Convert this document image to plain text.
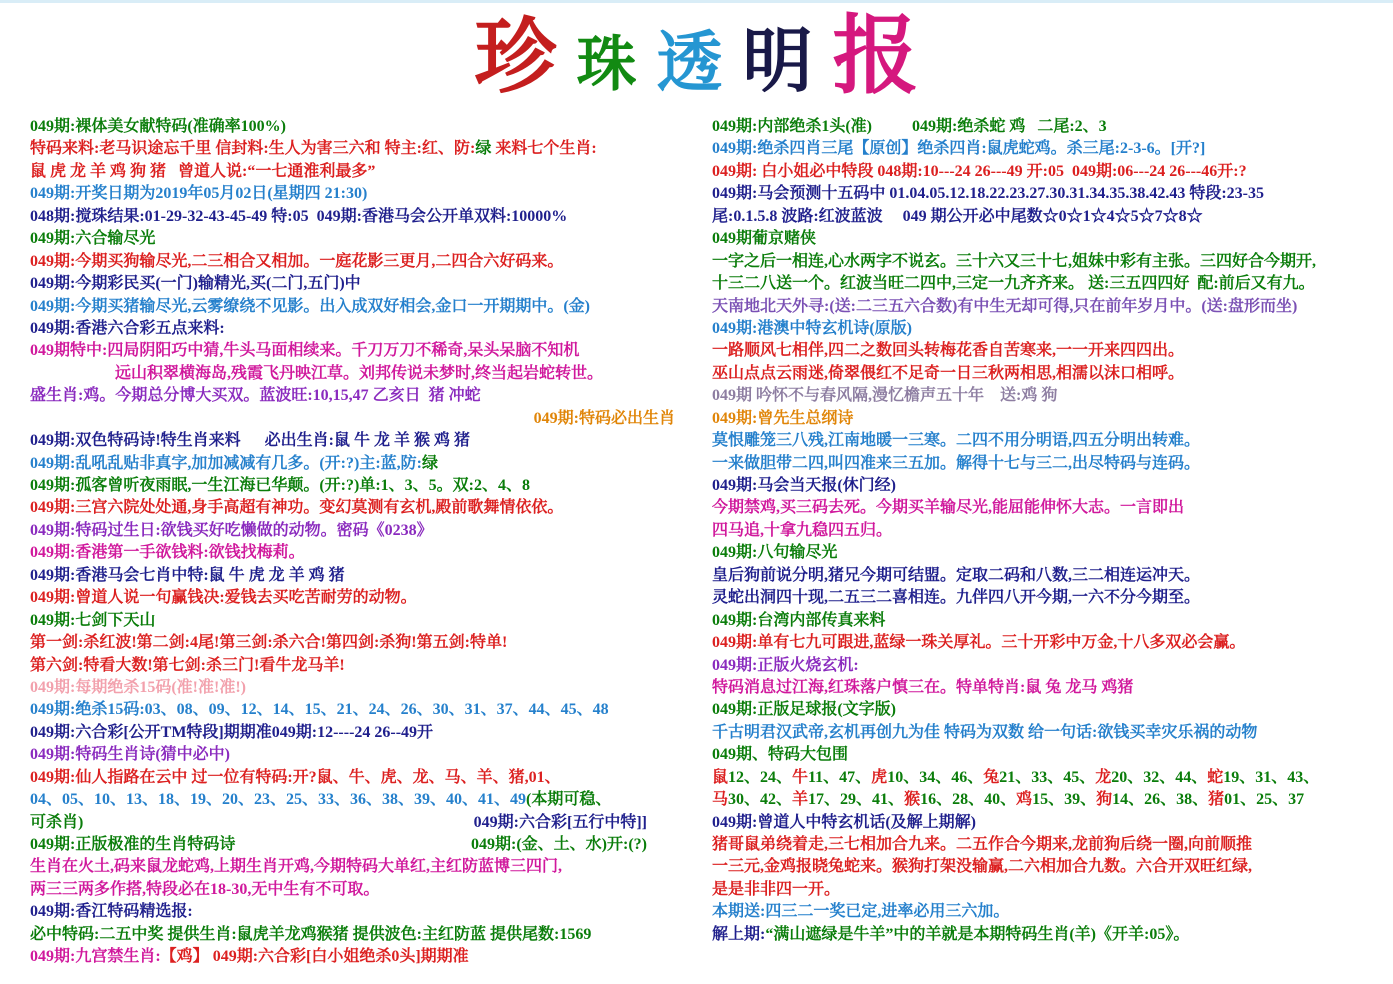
珍 珠 透 明 报
049期:裸体美女献特码(准确率100%)
特码来料:老马识途忘千里 信封料:生人为害三六和 特主:红、防: 绿 来料七个生肖:
鼠 虎 龙 羊 鸡 狗 猪   曾道人说:“一七通淮利最多”
049期:开奖日期为2019年05月02日(星期四 21:30)
048期:搅珠结果:01-29-32-43-45-49 特:05  049期:香港马会公开单双料:10000%
049期:六合输尽光
049期:今期买狗输尽光,二三相合又相加。一庭花影三更月,二四合六好码来。
049期:今期彩民买(一门)输精光,买(二门,五门)中
049期:今期买猪输尽光,云雾缭绕不见影。出入成双好相会,金口一开期期中。(金)
049期:香港六合彩五点来料:
049期特中:四局阴阳巧中猜,牛头马面相续来。千刀万刀不稀奇,呆头呆脑不知机
远山积翠横海岛,残霞飞丹映江草。刘邦传说未梦时,终当起岩蛇转世。
盛生肖:鸡。今期总分博大买双。蓝波旺:10,15,47 乙亥日  猪 冲蛇
049期:特码必出生肖
049期:双色特码诗!特生肖来料      必出生肖:鼠 牛 龙 羊 猴 鸡 猪
049期:乱吼乱贴非真字,加加减减有几多。(开:?)主:蓝,防: 绿
049期:孤客曾听夜雨眠,一生江海已华颠。(开:?)单:1、3、5。双:2、4、8
049期:三宫六院处处通,身手高超有神功。变幻莫测有玄机,殿前歌舞情依依。
049期:特码过生日:欲钱买好吃懒做的动物。密码《0238》
049期:香港第一手欲钱料:欲钱找梅莉。
049期:香港马会七肖中特:鼠 牛 虎 龙 羊 鸡 猪
049期:曾道人说一句赢钱决:爱钱去买吃苦耐劳的动物。
049期:七剑下天山
第一剑:杀红波!第二剑:4尾!第三剑:杀六合!第四剑:杀狗!第五剑:特单!
第六剑:特看大数!第七剑:杀三门!看牛龙马羊!
049期:每期绝杀15码(准!准!准!)
049期:绝杀15码:03、08、09、12、14、15、21、24、26、30、31、37、44、45、48
049期:六合彩[公开TM特段]期期准049期:12----24 26--49开
049期:特码生肖诗(猜中必中)
049期:仙人指路在云中 过一位有特码:开?鼠、牛、虎、龙、马、羊、猪,01、
04、05、10、13、18、19、20、23、25、33、36、38、39、40、41、49 (本期可稳、
可杀肖)	049期:六合彩[五行中特]]
049期:正版极准的生肖特码诗	049期:(金、土、水)开:(?)
生肖在火土,码来鼠龙蛇鸡,上期生肖开鸡,今期特码大单红,主红防蓝博三四门,
两三三两多作搭,特段必在18-30,无中生有不可取。
049期:香江特码精选报:
必中特码:二五中奖 提供生肖:鼠虎羊龙鸡猴猪 提供波色:主红防蓝 提供尾数:1569
049期:九宫禁生肖: 【鸡】 049期:六合彩[白小姐绝杀0头]期期准
049期:内部绝杀1头(准)          049期:绝杀蛇 鸡   二尾:2、3
049期:绝杀四肖三尾【原创】绝杀四肖:鼠虎蛇鸡。杀三尾:2-3-6。[开?]
049期: 白小姐必中特段 048期:10---24 26---49 开:05  049期:06---24 26---46开:?
049期:马会预测十五码中 01.04.05.12.18.22.23.27.30.31.34.35.38.42.43 特段:23-35
尾:0.1.5.8 波路:红波蓝波     049 期公开必中尾数☆0☆1☆4☆5☆7☆8☆
049期葡京赌侠
一字之后一相连,心水两字不说玄。三十六又三十七,姐妹中彩有主张。三四好合今期开,
十三二八送一个。红波当旺二四中,三定一九齐齐来。 送:三五四四好  配:前后又有九。
天南地北天外寻:(送:二三五六合数)有中生无却可得,只在前年岁月中。(送:盘形而坐)
049期:港澳中特玄机诗(原版)
一路顺风七相伴,四二之数回头转梅花香自苦寒来,一一开来四四出。
巫山点点云雨迷,倚翠偎红不足奇一日三秋两相思,相濡以沫口相呼。
049期 吟怀不与春风隔,漫忆檐声五十年    送:鸡 狗
049期:曾先生总纲诗
莫恨雕笼三八残,江南地暖一三寒。二四不用分明语,四五分明出转难。
一来做胆带二四,叫四准来三五加。解得十七与三二,出尽特码与连码。
049期:马会当天报(休门经)
今期禁鸡,买三码去死。今期买羊输尽光,能屈能伸怀大志。一言即出
四马追,十拿九稳四五归。
049期:八句输尽光
皇后狗前说分明,猪兄今期可结盟。定取二码和八数,三二相连运冲天。
灵蛇出洞四十现,二五三二喜相连。九伴四八开今期,一六不分今期至。
049期:台湾内部传真来料
049期:单有七九可跟进,蓝绿一珠关厚礼。三十开彩中万金,十八多双必会赢。
049期:正版火烧玄机:
特码消息过江海,红珠落户慎三在。特单特肖:鼠 兔 龙马 鸡猪
049期:正版足球报(文字版)
千古明君汉武帝,玄机再创九为佳 特码为双数 给一句话:欲钱买幸灾乐祸的动物
049期、特码大包围
鼠 12、24、 牛 11、47、 虎 10、34、46、 兔 21、33、45、 龙 20、32、44、 蛇 19、31、43、
马 30、42、 羊 17、29、41、 猴 16、28、40、 鸡 15、39、 狗 14、26、38、 猪 01、25、37
049期:曾道人中特玄机话(及解上期解)
猪哥鼠弟绕着走,三七相加合九来。二五作合今期来,龙前狗后绕一圈,向前顺推
一三元,金鸡报晓兔蛇来。猴狗打架没输赢,二六相加合九数。六合开双旺红绿,
是是非非四一开。
本期送:四三二一奖已定,进率必用三六加。
解上期: “满山遮绿是牛羊”中的羊就是本期特码生肖(羊)《开羊:05》。
